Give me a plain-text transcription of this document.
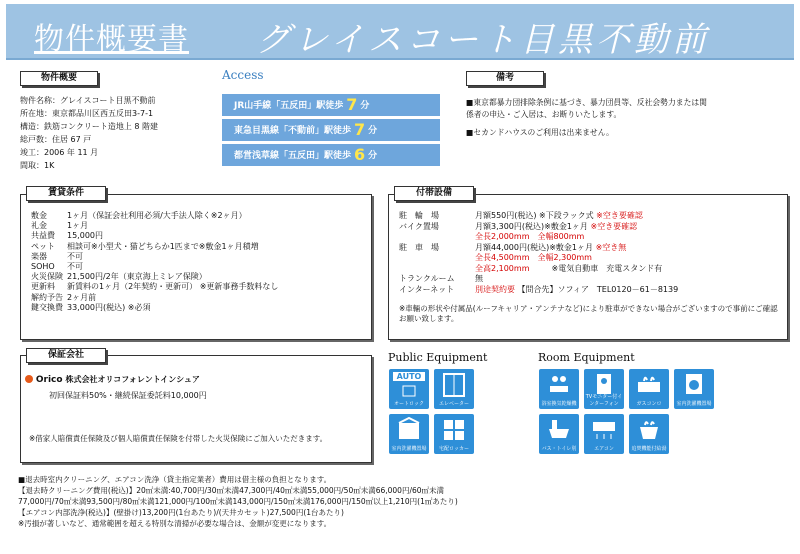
物件概要書 グレイスコート目黒不動前
物件概要
物件名称：グレイスコート目黒不動前
所在地：東京都品川区西五反田3-7-1
構造：鉄筋コンクリート造地上 8 階建
総戸数：住居 67 戸
竣工：2006 年 11 月
間取：1K
Access
JR山手線「五反田」駅徒歩 7 分
東急目黒線「不動前」駅徒歩 7 分
都営浅草線「五反田」駅徒歩 6 分
備考
■東京都暴力団排除条例に基づき、暴力団員等、反社会勢力または関
係者の申込・ご入居は、お断りいたします。
■セカンドハウスのご利用は出来ません。
敷金	1ヶ月（保証会社利用必須/大手法人除く※2ヶ月）
礼金	1ヶ月
共益費	15,000円
ペット	相談可※小型犬・猫どちらか1匹まで※敷金1ヶ月積増
楽器	不可
SOHO	不可
火災保険	21,500円/2年（東京海上ミレア保険）
更新料	新賃料の1ヶ月（2年契約・更新可） ※更新事務手数料なし
解約予告	2ヶ月前
鍵交換費	33,000円(税込) ※必須
賃貸条件
駐　輪　場	月額550円(税込) ※下段ラック式 ※空き要確認
バイク置場	月額3,300円(税込)※敷金1ヶ月 ※空き要確認
全長2,000mm　全幅800mm
駐　車　場	月額44,000円(税込)※敷金1ヶ月 ※空き無
全長4,500mm　全幅2,300mm
全高2,100mm	※電気自動車　充電スタンド有
トランクルーム	無
インターネット	別途契約要 【問合先】ソフィア　TEL0120－61－8139
※車輛の形状や付属品(ルーフキャリア・アンテナなど)により駐車ができない場合がございますので事前にご確認お願い致します。
付帯設備
Orico 株式会社オリコフォレントインシュア
初回保証料50%・継続保証委託料10,000円
※借家人賠償責任保険及び個人賠償責任保険を付帯した火災保険にご加入いただきます。
保証会社	Public Equipment	Room Equipment
AUTO
オートロック	エレベーター
室内洗濯機置場	宅配ロッカー
浴室換気乾燥機
TVモニター付インターフォン	ガスコンロ	室内洗濯機置場
バス・トイレ別	エアコン	追焚機能付給湯
■退去時室内クリーニング、エアコン洗浄（貸主指定業者）費用は借主様の負担となります。
【退去時クリーニング費用(税込)】20㎡未満:40,700円/30㎡未満47,300円/40㎡未満55,000円/50㎡未満66,000円/60㎡未満
77,000円/70㎡未満93,500円/80㎡未満121,000円/100㎡未満143,000円/150㎡未満176,000円/150㎡以上1,210円(1㎡あたり)
【エアコン内部洗浄(税込)】(壁掛け)13,200円(1台あたり)/(天井カセット)27,500円(1台あたり)
※汚損が著しいなど、通常範囲を超える特別な清掃が必要な場合は、金額が変更になります。
